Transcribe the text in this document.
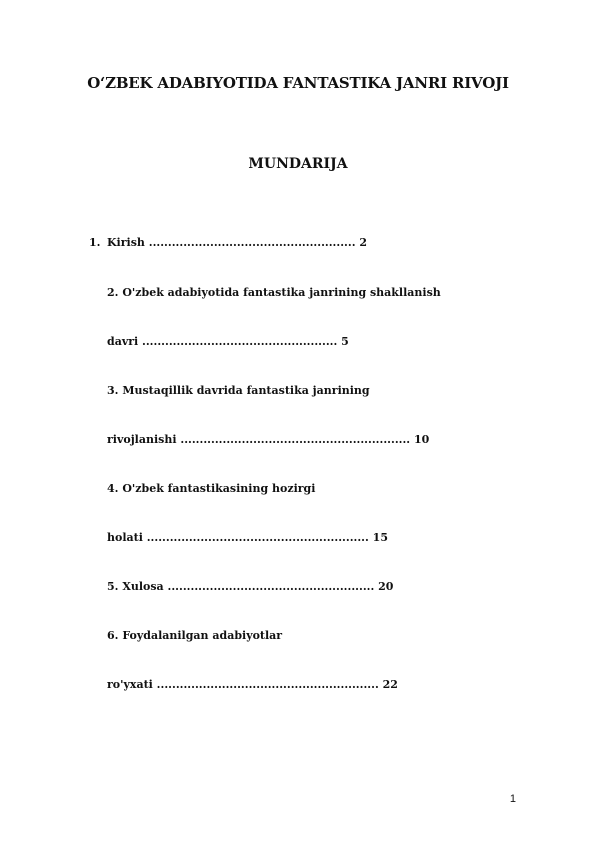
O‘ZBEK ADABIYOTIDA FANTASTIKA JANRI RIVOJI
MUNDARIJA
1. Kirish ...................................................... 2
2. O'zbek adabiyotida fantastika janrining shakllanish
davri ................................................... 5
3. Mustaqillik davrida fantastika janrining
rivojlanishi ............................................................ 10
4. O'zbek fantastikasining hozirgi
holati .......................................................... 15
5. Xulosa ...................................................... 20
6. Foydalanilgan adabiyotlar
ro'yxati .......................................................... 22
1
